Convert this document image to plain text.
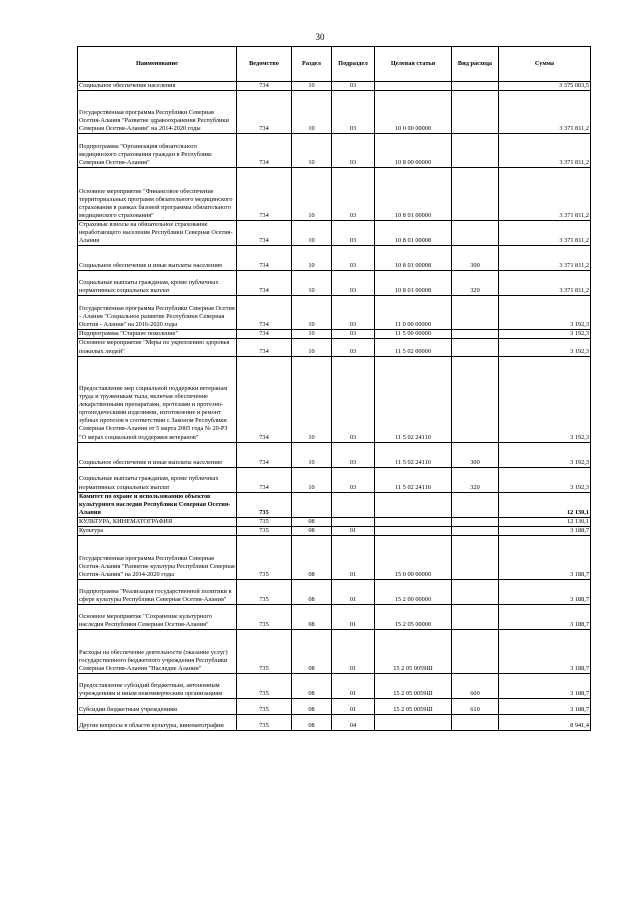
30
Наименование	Ведомство	Раздел	Подраздел	Целевая статья	Вид расхода	Сумма
Социальное обеспечение населения	734	10	03			3 375 003,5
Государственная программа Республики Северная Осетия-Алания "Развитие здравоохранения Республики Северная Осетия-Алания" на 2014-2020 годы	734	10	03	10 0 00 00000		3 371 811,2
Подпрограмма "Организация обязательного медицинского страхования граждан в Республике Северная Осетия-Алания"	734	10	03	10 8 00 00000		3 371 811,2
Основное мероприятие "Финансовое обеспечение территориальных программ обязательного медицинского страхования в рамках базовой программы обязательного медицинского страхования"	734	10	03	10 8 01 00000		3 371 811,2
Страховые взносы на обязательное страхование неработающего населения Республики Северная Осетия-Алания	734	10	03	10 8 01 00008		3 371 811,2
Социальное обеспечение и иные выплаты населению	734	10	03	10 8 01 00008	300	3 371 811,2
Социальные выплаты гражданам, кроме публичных нормативных социальных выплат	734	10	03	10 8 01 00008	320	3 371 811,2
Государственная программа Республики Северная Осетия - Алания "Социальное развитие Республики Северная Осетия - Алания" на 2016-2020 годы	734	10	03	11 0 00 00000		3 192,3
Подпрограмма "Старшее поколение"	734	10	03	11 5 00 00000		3 192,3
Основное мероприятие "Меры по укреплению здоровья пожилых людей"	734	10	03	11 5 02 00000		3 192,3
Предоставление мер социальной поддержки ветеранам труда и труженикам тыла, включая обеспечение лекарственными препаратами, протезами и протезно-ортопедическими изделиями, изготовление и ремонт зубных протезов в соответствии с Законом Республики Северная Осетия-Алания от 5 марта 2005 года № 20-РЗ "О мерах социальной поддержки ветеранов"	734	10	03	11 5 02 24110		3 192,3
Социальное обеспечение и иные выплаты населению	734	10	03	11 5 02 24110	300	3 192,3
Социальные выплаты гражданам, кроме публичных нормативных социальных выплат	734	10	03	11 5 02 24110	320	3 192,3
Комитет по охране и использованию объектов культурного наследия Республики Северная Осетия-Алания	735					12 130,1
КУЛЬТУРА, КИНЕМАТОГРАФИЯ	735	08				12 130,1
Культура	735	08	01			3 188,7
Государственная программа Республики Северная Осетия-Алания "Развитие культуры Республики Северная Осетия-Алания" на 2014-2020 годы	735	08	01	15 0 00 00000		3 188,7
Подпрограмма "Реализация государственной политики в сфере культуры Республики Северная Осетия-Алания"	735	08	01	15 2 00 00000		3 188,7
Основное мероприятие "Сохранение культурного наследия Республики Северная Осетия-Алания"	735	08	01	15 2 05 00000		3 188,7
Расходы на обеспечение деятельности (оказание услуг) государственного бюджетного учреждения Республики Северная Осетия-Алания "Наследие Алании"	735	08	01	15 2 05 0059Ш		3 188,7
Предоставление субсидий бюджетным, автономным учреждениям и иным некоммерческим организациям	735	08	01	15 2 05 0059Ш	600	3 188,7
Субсидии бюджетным учреждениям	735	08	01	15 2 05 0059Ш	610	3 188,7
Другие вопросы в области культуры, кинематографии	735	08	04			8 941,4
